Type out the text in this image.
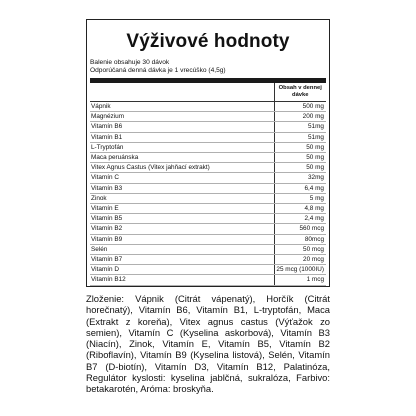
Výživové hodnoty
Balenie obsahuje 30 dávok
Odporúčaná denná dávka je 1 vrecúško (4,5g)
	Obsah v dennej dávke
Vápnik	500 mg
Magnézium	200 mg
Vitamín B6	51mg
Vitamín B1	51mg
L-Tryptofán	50 mg
Maca peruánska	50 mg
Vitex Agnus Castus (Vitex jahňací extrakt)	50 mg
Vitamín C	32mg
Vitamín B3	6,4 mg
Zinok	5 mg
Vitamín E	4,8 mg
Vitamín B5	2,4 mg
Vitamín B2	560 mcg
Vitamín B9	80mcg
Selén	50 mcg
Vitamín B7	20 mcg
Vitamín D	25 mcg (1000IU)
Vitamín B12	1 mcg
Zloženie: Vápnik (Citrát vápenatý), Horčík (Citrát horečnatý), Vitamín B6, Vitamín B1, L-tryptofán, Maca (Extrakt z koreňa), Vitex agnus castus (Výťažok zo semien), Vitamín C (Kyselina askorbová), Vitamín B3 (Niacín), Zinok, Vitamín E, Vitamín B5, Vitamín B2 (Riboflavín), Vitamín B9 (Kyselina listová), Selén, Vitamín B7 (D-biotín), Vitamín D3, Vitamín B12, Palatinóza, Regulátor kyslosti: kyselina jablčná, sukralóza, Farbivo: betakarotén, Aróma: broskyňa.
